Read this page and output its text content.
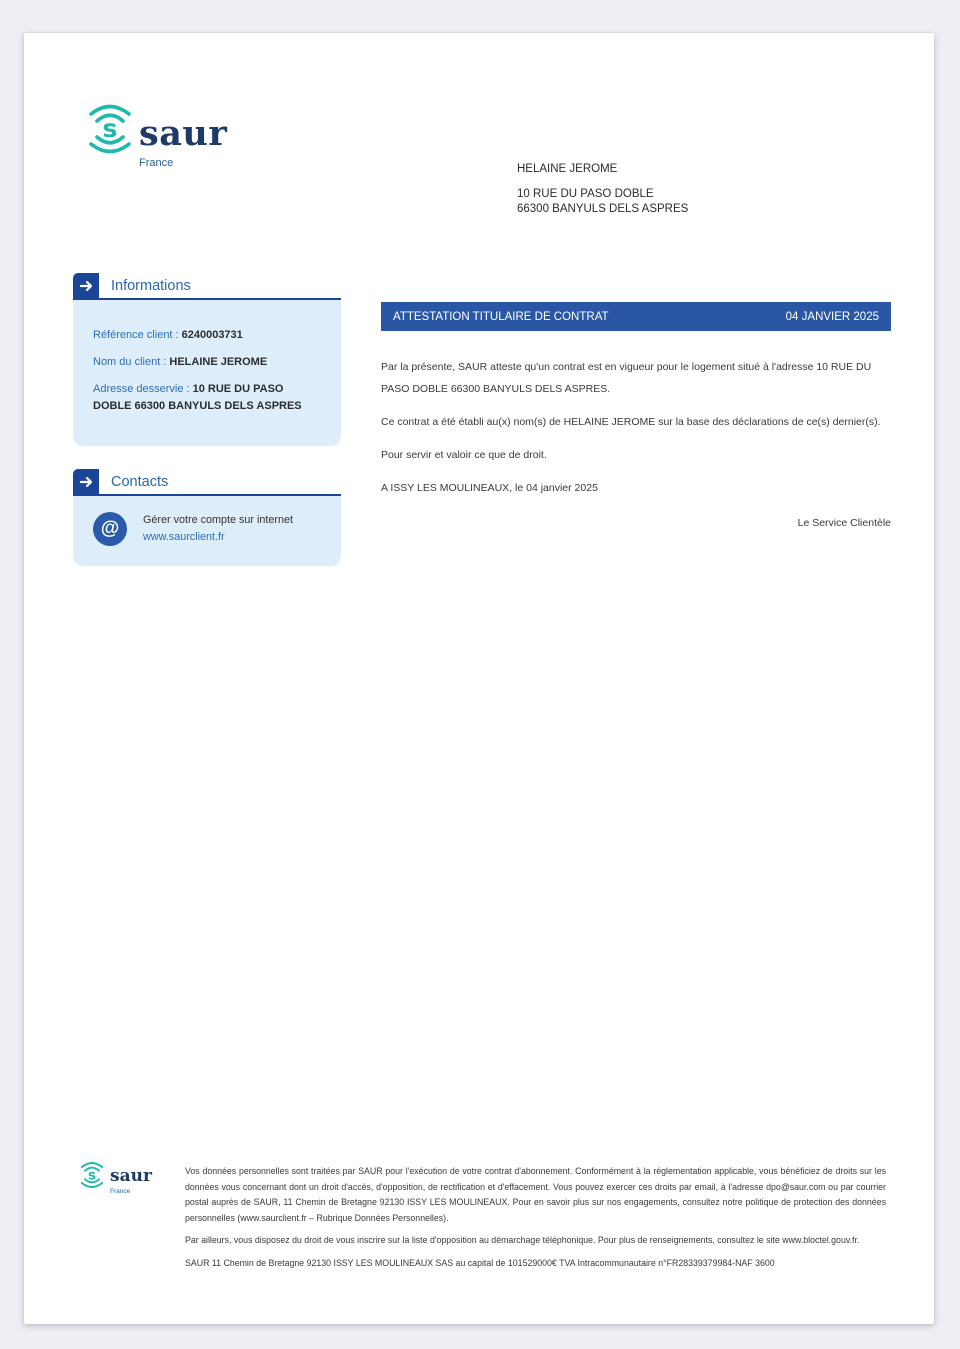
s saur
France	HELAINE JEROME
10 RUE DU PASO DOBLE
66300 BANYULS DELS ASPRES
Informations
Référence client : 6240003731
Nom du client : HELAINE JEROME
Adresse desservie : 10 RUE DU PASO DOBLE 66300 BANYULS DELS ASPRES
Contacts
@	Gérer votre compte sur internet
www.saurclient.fr
ATTESTATION TITULAIRE DE CONTRAT	04 JANVIER 2025

Par la présente, SAUR atteste qu'un contrat est en vigueur pour le logement situé à l'adresse 10 RUE DU PASO DOBLE 66300 BANYULS DELS ASPRES.

Ce contrat a été établi au(x) nom(s) de HELAINE JEROME sur la base des déclarations de ce(s) dernier(s).

Pour servir et valoir ce que de droit.

A ISSY LES MOULINEAUX, le 04 janvier 2025

Le Service Clientèle

s saur
France

Vos données personnelles sont traitées par SAUR pour l'exécution de votre contrat d'abonnement. Conformément à la réglementation applicable, vous bénéficiez de droits sur les données vous concernant dont un droit d'accès, d'opposition, de rectification et d'effacement. Vous pouvez exercer ces droits par email, à l'adresse dpo@saur.com ou par courrier postal auprès de SAUR, 11 Chemin de Bretagne 92130 ISSY LES MOULINEAUX. Pour en savoir plus sur nos engagements, consultez notre politique de protection des données personnelles (www.saurclient.fr – Rubrique Données Personnelles).

Par ailleurs, vous disposez du droit de vous inscrire sur la liste d'opposition au démarchage téléphonique. Pour plus de renseignements, consultez le site www.bloctel.gouv.fr.

SAUR 11 Chemin de Bretagne 92130 ISSY LES MOULINEAUX SAS au capital de 101529000€ TVA Intracommunautaire n°FR28339379984-NAF 3600
